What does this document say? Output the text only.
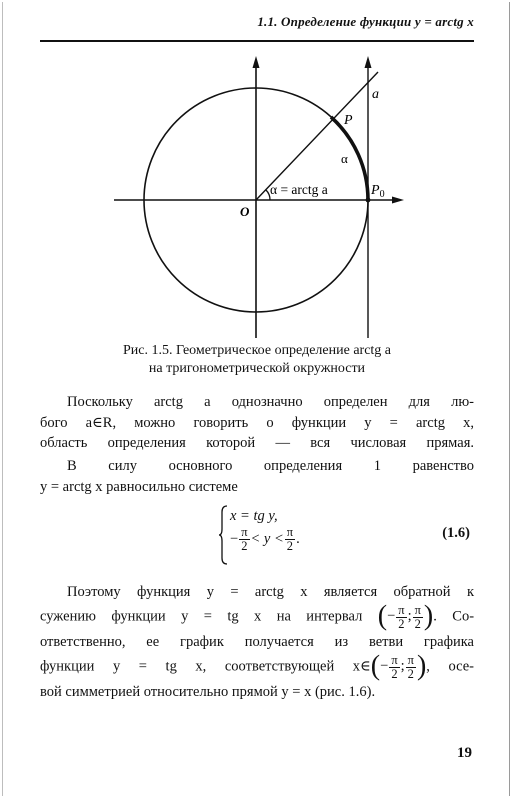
1.1. Определение функции y = arctg x
a
P
α
α = arctg a
O
$P_0$
Рис. 1.5. Геометрическое определение arctg a
на тригонометрической окружности
Поскольку arctg a однозначно определен для лю-
бого a∈R, можно говорить о функции y = arctg x,
область определения которой — вся числовая прямая.
В силу основного определения 1 равенство
y = arctg x равносильно системе
x = tg y,
− $\frac{\pi}{2} < y < \frac{\pi}{2}$ .	(1.6)
Поэтому функция y = arctg x является обратной к
сужению функции y = tg x на интервал (− $\frac{\pi}{2}$ ; $\frac{\pi}{2}$ ). Со-
ответственно, ее график получается из ветви графика
функции y = tg x, соответствующей x∈(− $\frac{\pi}{2}$ ; $\frac{\pi}{2}$ ), осе-
вой симметрией относительно прямой y = x (рис. 1.6).
19
